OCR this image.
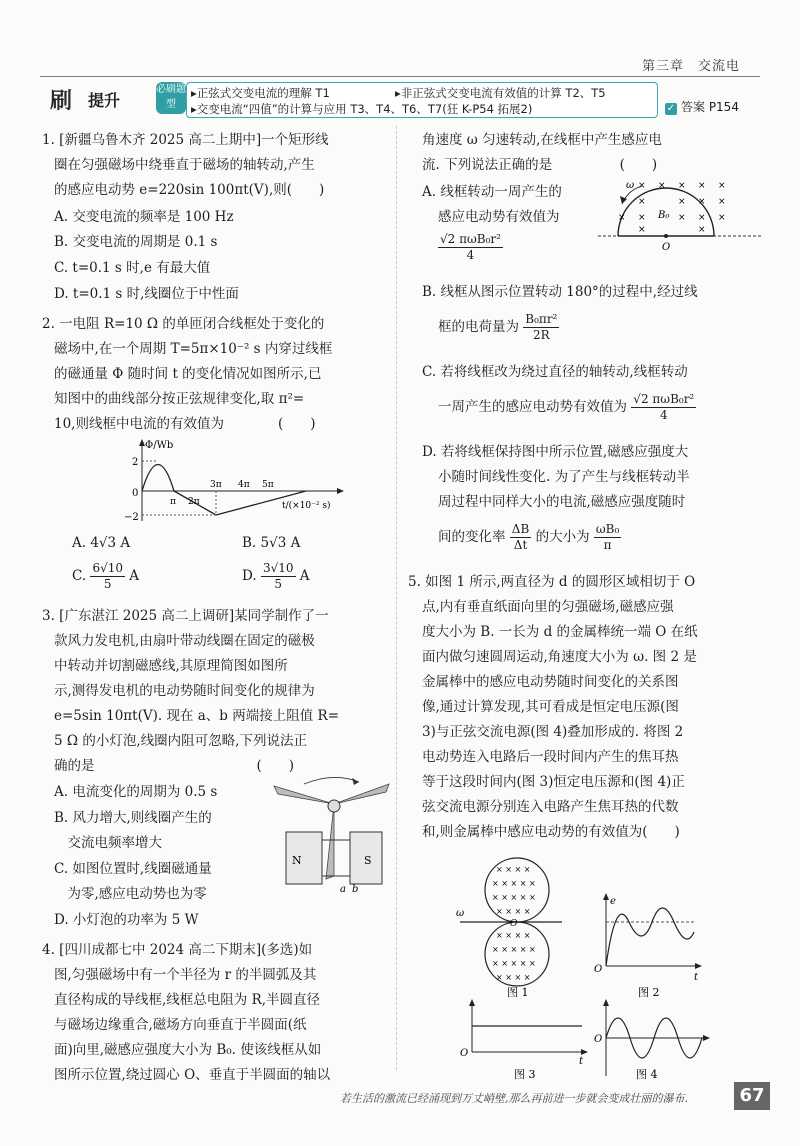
第三章　交流电
刷 提升
必刷题型
▸正弦式交变电流的理解 T1	▸非正弦式交变电流有效值的计算 T2、T5
▸交变电流“四值”的计算与应用 T3、T4、T6、T7(狂 K-P54 拓展2)	✓ 答案 P154
1. [新疆乌鲁木齐 2025 高二上期中]一个矩形线
圈在匀强磁场中绕垂直于磁场的轴转动,产生
的感应电动势 e=220sin 100πt(V),则(　　)
A. 交变电流的频率是 100 Hz
B. 交变电流的周期是 0.1 s
C. t=0.1 s 时,e 有最大值
D. t=0.1 s 时,线圈位于中性面
2. 一电阻 R=10 Ω 的单匝闭合线框处于变化的
磁场中,在一个周期 T=5π×10⁻² s 内穿过线框
的磁通量 Φ 随时间 t 的变化情况如图所示,已
知图中的曲线部分按正弦规律变化,取 π²=
10,则线框中电流的有效值为　　　　(　　)
Φ/Wb
t/(×10⁻² s)
2
0
−2
π 2π
3π 4π 5π
A. 4√3 A	B. 5√3 A
C. $\frac{6√10}{5}$ A	D. $\frac{3√10}{5}$ A
3. [广东湛江 2025 高二上调研]某同学制作了一
款风力发电机,由扇叶带动线圈在固定的磁极
中转动并切割磁感线,其原理简图如图所
示,测得发电机的电动势随时间变化的规律为
e=5sin 10πt(V). 现在 a、b 两端接上阻值 R=
5 Ω 的小灯泡,线圈内阻可忽略,下列说法正
确的是　　　　　　　　　　　　(　　)
A. 电流变化的周期为 0.5 s
B. 风力增大,则线圈产生的
　交流电频率增大
C. 如图位置时,线圈磁通量
　为零,感应电动势也为零
D. 小灯泡的功率为 5 W
N	S
a b
4. [四川成都七中 2024 高二下期末](多选)如
图,匀强磁场中有一个半径为 r 的半圆弧及其
直径构成的导线框,线框总电阻为 R,半圆直径
与磁场边缘重合,磁场方向垂直于半圆面(纸
面)向里,磁感应强度大小为 B₀. 使该线框从如
图所示位置,绕过圆心 O、垂直于半圆面的轴以
角速度 ω 匀速转动,在线框中产生感应电
流. 下列说法正确的是　　　　　(　　)
A. 线框转动一周产生的
感应电动势有效值为
$\frac{\text{√2 πωB₀r²}}{4}$	O
B₀
ω × × × × ×
×	× × ×
× ×	× × ×
×	×
B. 线框从图示位置转动 180°的过程中,经过线
框的电荷量为 $\frac{\text{B₀πr²}}{2R}$
C. 若将线框改为绕过直径的轴转动,线框转动
一周产生的感应电动势有效值为 $\frac{\text{√2 πωB₀r²}}{4}$
D. 若将线框保持图中所示位置,磁感应强度大
小随时间线性变化. 为了产生与线框转动半
周过程中同样大小的电流,磁感应强度随时
间的变化率 $\frac{\Delta B}{\Delta t}$ 的大小为 $\frac{\text{ωB₀}}{\pi}$
5. 如图 1 所示,两直径为 d 的圆形区域相切于 O
点,内有垂直纸面向里的匀强磁场,磁感应强
度大小为 B. 一长为 d 的金属棒统一端 O 在纸
面内做匀速圆周运动,角速度大小为 ω. 图 2 是
金属棒中的感应电动势随时间变化的关系图
像,通过计算发现,其可看成是恒定电压源(图
3)与正弦交流电源(图 4)叠加形成的. 将图 2
电动势连入电路后一段时间内产生的焦耳热
等于这段时间内(图 3)恒定电压源和(图 4)正
弦交流电源分别连入电路产生焦耳热的代数
和,则金属棒中感应电动势的有效值为(　　)
ω
O
× × × ×
× × × × ×
× × × × ×
× × × ×
× × × ×
× × × × ×
× × × × ×
× × × ×
图 1
e
t
O
图 2
t
O
图 3
O
图 4
若生活的激流已经涌现到万丈峭壁,那么再前进一步就会变成壮丽的瀑布.	67
